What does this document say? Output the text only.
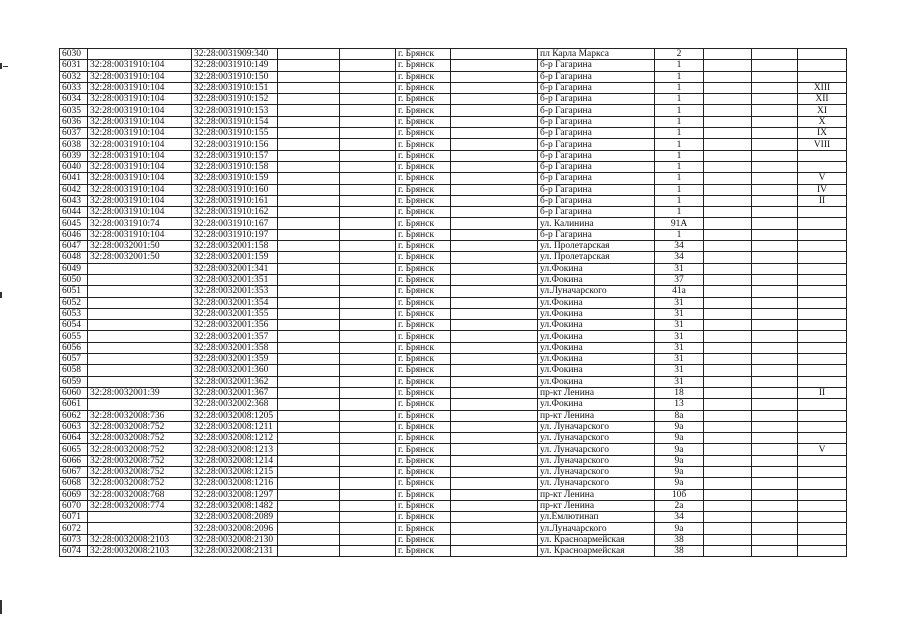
6030		32:28:0031909:340			г. Брянск		пл Карла Маркса	2			
6031	32:28:0031910:104	32:28:0031910:149			г. Брянск		б-р Гагарина	1			
6032	32:28:0031910:104	32:28:0031910:150			г. Брянск		б-р Гагарина	1			
6033	32:28:0031910:104	32:28:0031910:151			г. Брянск		б-р Гагарина	1			XIII
6034	32:28:0031910:104	32:28:0031910:152			г. Брянск		б-р Гагарина	1			XII
6035	32:28:0031910:104	32:28:0031910:153			г. Брянск		б-р Гагарина	1			XI
6036	32:28:0031910:104	32:28:0031910:154			г. Брянск		б-р Гагарина	1			X
6037	32:28:0031910:104	32:28:0031910:155			г. Брянск		б-р Гагарина	1			IX
6038	32:28:0031910:104	32:28:0031910:156			г. Брянск		б-р Гагарина	1			VIII
6039	32:28:0031910:104	32:28:0031910:157			г. Брянск		б-р Гагарина	1			
6040	32:28:0031910:104	32:28:0031910:158			г. Брянск		б-р Гагарина	1			
6041	32:28:0031910:104	32:28:0031910:159			г. Брянск		б-р Гагарина	1			V
6042	32:28:0031910:104	32:28:0031910:160			г. Брянск		б-р Гагарина	1			IV
6043	32:28:0031910:104	32:28:0031910:161			г. Брянск		б-р Гагарина	1			II
6044	32:28:0031910:104	32:28:0031910:162			г. Брянск		б-р Гагарина	1			
6045	32:28:0031910:74	32:28:0031910:167			г. Брянск		ул. Калинина	91А			
6046	32:28:0031910:104	32:28:0031910:197			г. Брянск		б-р Гагарина	1			
6047	32:28:0032001:50	32:28:0032001:158			г. Брянск		ул. Пролетарская	34			
6048	32:28:0032001:50	32:28:0032001:159			г. Брянск		ул. Пролетарская	34			
6049		32:28:0032001:341			г. Брянск		ул.Фокина	31			
6050		32:28:0032001:351			г. Брянск		ул.Фокина	37			
6051		32:28:0032001:353			г. Брянск		ул.Луначарского	41а			
6052		32:28:0032001:354			г. Брянск		ул.Фокина	31			
6053		32:28:0032001:355			г. Брянск		ул.Фокина	31			
6054		32:28:0032001:356			г. Брянск		ул.Фокина	31			
6055		32:28:0032001:357			г. Брянск		ул.Фокина	31			
6056		32:28:0032001:358			г. Брянск		ул.Фокина	31			
6057		32:28:0032001:359			г. Брянск		ул.Фокина	31			
6058		32:28:0032001:360			г. Брянск		ул.Фокина	31			
6059		32:28:0032001:362			г. Брянск		ул.Фокина	31			
6060	32:28:0032001:39	32:28:0032001:367			г. Брянск		пр-кт Ленина	18			II
6061		32:28:0032002:368			г. Брянск		ул.Фокина	13			
6062	32:28:0032008:736	32:28:0032008:1205			г. Брянск		пр-кт Ленина	8а			
6063	32:28:0032008:752	32:28:0032008:1211			г. Брянск		ул. Луначарского	9а			
6064	32:28:0032008:752	32:28:0032008:1212			г. Брянск		ул. Луначарского	9а			
6065	32:28:0032008:752	32:28:0032008:1213			г. Брянск		ул. Луначарского	9а			V
6066	32:28:0032008:752	32:28:0032008:1214			г. Брянск		ул. Луначарского	9а			
6067	32:28:0032008:752	32:28:0032008:1215			г. Брянск		ул. Луначарского	9а			
6068	32:28:0032008:752	32:28:0032008:1216			г. Брянск		ул. Луначарского	9а			
6069	32:28:0032008:768	32:28:0032008:1297			г. Брянск		пр-кт Ленина	10б			
6070	32:28:0032008:774	32:28:0032008:1482			г. Брянск		пр-кт Ленина	2а			
6071		32:28:0032008:2089			г. Брянск		ул.Емлютинап	34			
6072		32:28:0032008:2096			г. Брянск		ул.Луначарского	9а			
6073	32:28:0032008:2103	32:28:0032008:2130			г. Брянск		ул. Красноармейская	38			
6074	32:28:0032008:2103	32:28:0032008:2131			г. Брянск		ул. Красноармейская	38			
